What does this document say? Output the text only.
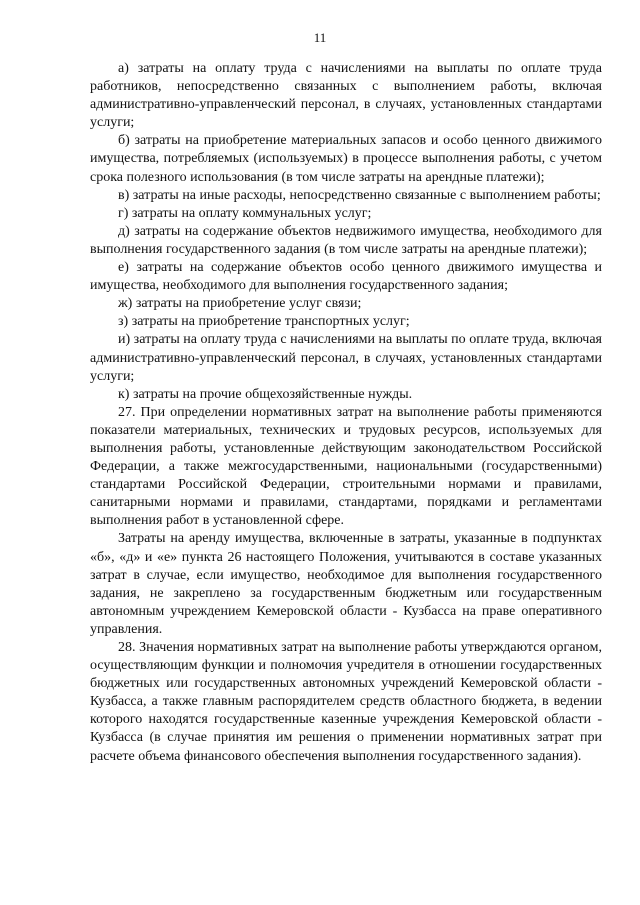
11

а) затраты на оплату труда с начислениями на выплаты по оплате труда работников, непосредственно связанных с выполнением работы, включая административно-управленческий персонал, в случаях, установленных стандартами услуги;

б) затраты на приобретение материальных запасов и особо ценного движимого имущества, потребляемых (используемых) в процессе выполнения работы, с учетом срока полезного использования (в том числе затраты на арендные платежи);

в) затраты на иные расходы, непосредственно связанные с выполнением работы;

г) затраты на оплату коммунальных услуг;

д) затраты на содержание объектов недвижимого имущества, необходимого для выполнения государственного задания (в том числе затраты на арендные платежи);

е) затраты на содержание объектов особо ценного движимого имущества и имущества, необходимого для выполнения государственного задания;

ж) затраты на приобретение услуг связи;

з) затраты на приобретение транспортных услуг;

и) затраты на оплату труда с начислениями на выплаты по оплате труда, включая административно-управленческий персонал, в случаях, установленных стандартами услуги;

к) затраты на прочие общехозяйственные нужды.

27. При определении нормативных затрат на выполнение работы применяются показатели материальных, технических и трудовых ресурсов, используемых для выполнения работы, установленные действующим законодательством Российской Федерации, а также межгосударственными, национальными (государственными) стандартами Российской Федерации, строительными нормами и правилами, санитарными нормами и правилами, стандартами, порядками и регламентами выполнения работ в установленной сфере.

Затраты на аренду имущества, включенные в затраты, указанные в подпунктах «б», «д» и «е» пункта 26 настоящего Положения, учитываются в составе указанных затрат в случае, если имущество, необходимое для выполнения государственного задания, не закреплено за государственным бюджетным или государственным автономным учреждением Кемеровской области - Кузбасса на праве оперативного управления.

28. Значения нормативных затрат на выполнение работы утверждаются органом, осуществляющим функции и полномочия учредителя в отношении государственных бюджетных или государственных автономных учреждений Кемеровской области - Кузбасса, а также главным распорядителем средств областного бюджета, в ведении которого находятся государственные казенные учреждения Кемеровской области - Кузбасса (в случае принятия им решения о применении нормативных затрат при расчете объема финансового обеспечения выполнения государственного задания).
